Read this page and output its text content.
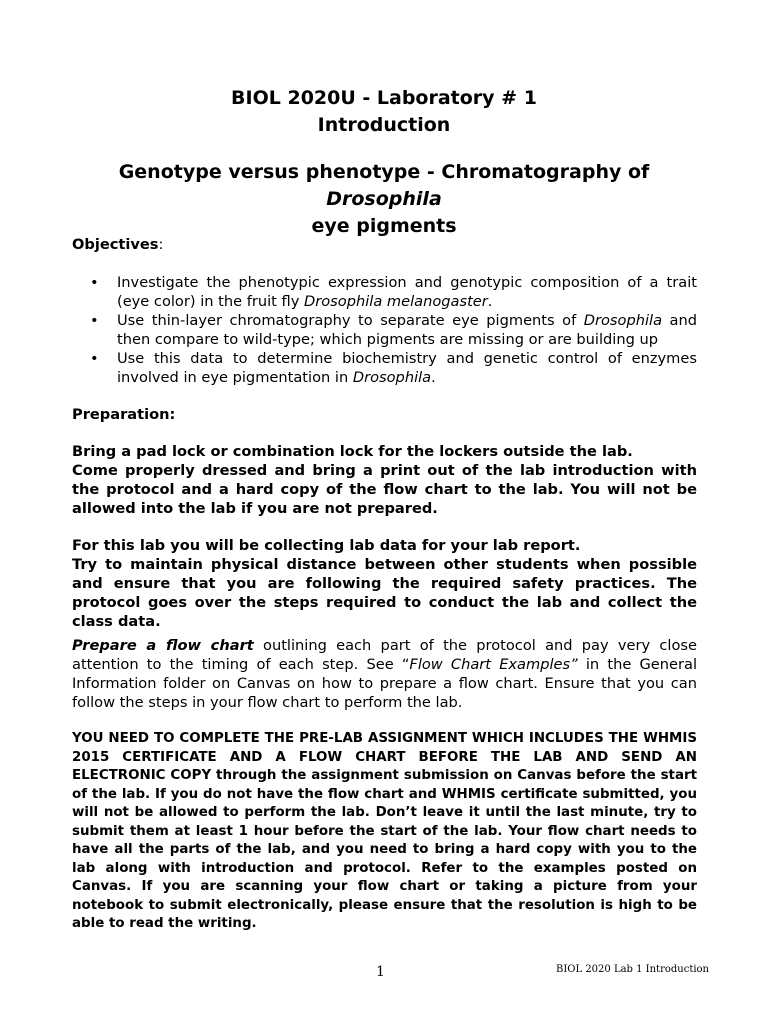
BIOL 2020U - Laboratory # 1
Introduction
Genotype versus phenotype - Chromatography of Drosophila
eye pigments
Objectives:
• Investigate the phenotypic expression and genotypic composition of a trait (eye color) in the fruit fly Drosophila melanogaster.
• Use thin-layer chromatography to separate eye pigments of Drosophila and then compare to wild-type; which pigments are missing or are building up
• Use this data to determine biochemistry and genetic control of enzymes involved in eye pigmentation in Drosophila.
Preparation:
Bring a pad lock or combination lock for the lockers outside the lab.
Come properly dressed and bring a print out of the lab introduction with the protocol and a hard copy of the flow chart to the lab. You will not be allowed into the lab if you are not prepared.
For this lab you will be collecting lab data for your lab report.
Try to maintain physical distance between other students when possible and ensure that you are following the required safety practices. The protocol goes over the steps required to conduct the lab and collect the class data.
Prepare a flow chart outlining each part of the protocol and pay very close attention to the timing of each step. See “Flow Chart Examples” in the General Information folder on Canvas on how to prepare a flow chart. Ensure that you can follow the steps in your flow chart to perform the lab.
YOU NEED TO COMPLETE THE PRE-LAB ASSIGNMENT WHICH INCLUDES THE WHMIS 2015 CERTIFICATE AND A FLOW CHART BEFORE THE LAB AND SEND AN ELECTRONIC COPY through the assignment submission on Canvas before the start of the lab. If you do not have the flow chart and WHMIS certificate submitted, you will not be allowed to perform the lab. Don’t leave it until the last minute, try to submit them at least 1 hour before the start of the lab. Your flow chart needs to have all the parts of the lab, and you need to bring a hard copy with you to the lab along with introduction and protocol. Refer to the examples posted on Canvas. If you are scanning your flow chart or taking a picture from your notebook to submit electronically, please ensure that the resolution is high to be able to read the writing.
1	BIOL 2020 Lab 1 Introduction
